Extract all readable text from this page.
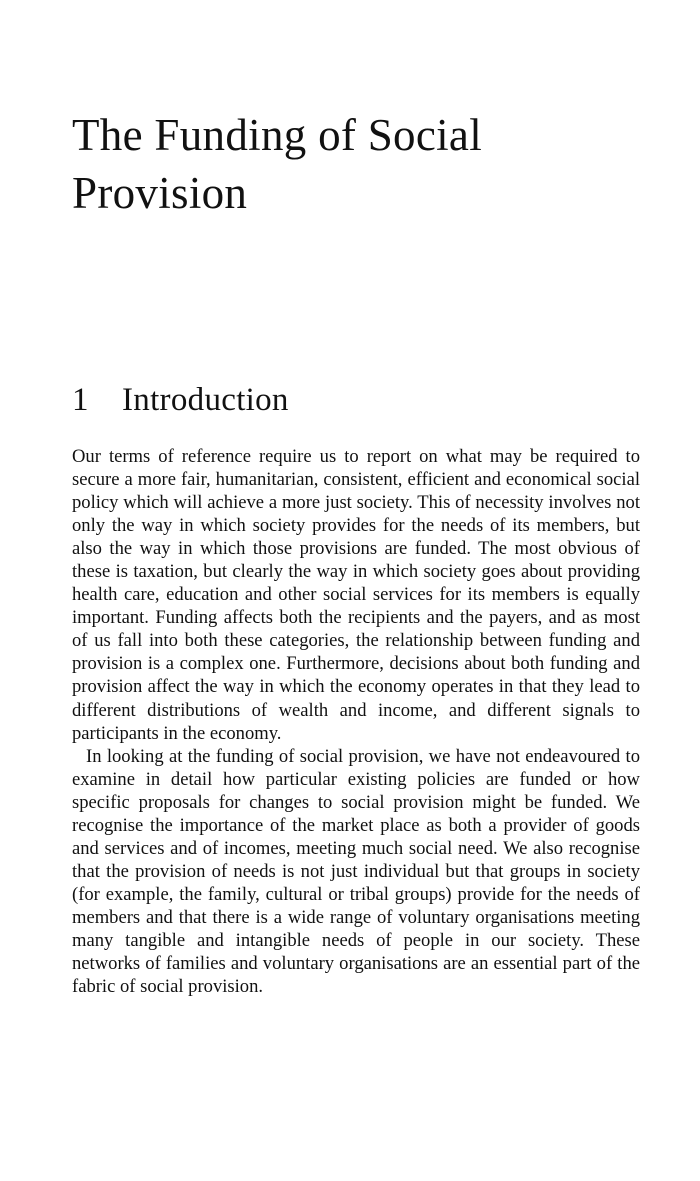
The Funding of Social Provision
1 Introduction

Our terms of reference require us to report on what may be required to secure a more fair, humanitarian, consistent, efficient and economical social policy which will achieve a more just society. This of necessity involves not only the way in which society provides for the needs of its members, but also the way in which those provisions are funded. The most obvious of these is taxation, but clearly the way in which society goes about providing health care, education and other social services for its members is equally important. Funding affects both the recipients and the payers, and as most of us fall into both these categories, the relationship between funding and provision is a complex one. Furthermore, decisions about both funding and provision affect the way in which the economy operates in that they lead to different distributions of wealth and income, and different signals to participants in the economy.

In looking at the funding of social provision, we have not endeavoured to examine in detail how particular existing policies are funded or how specific proposals for changes to social provision might be funded. We recognise the importance of the market place as both a provider of goods and services and of incomes, meeting much social need. We also recognise that the provision of needs is not just individual but that groups in society (for example, the family, cultural or tribal groups) provide for the needs of members and that there is a wide range of voluntary organisations meeting many tangible and intangible needs of people in our society. These networks of families and voluntary organisations are an essential part of the fabric of social provision.
